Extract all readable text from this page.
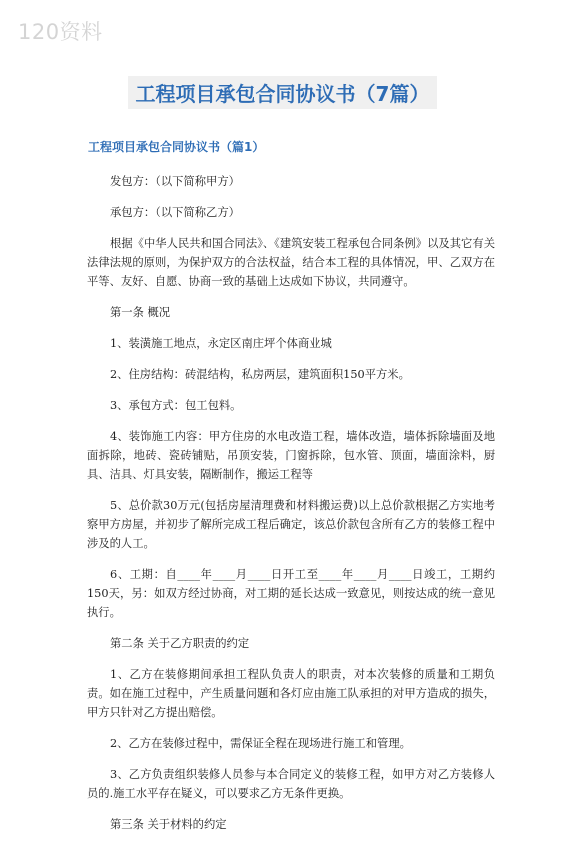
120资料
工程项目承包合同协议书（7篇）
工程项目承包合同协议书（篇1）

发包方：（以下简称甲方）

承包方：（以下简称乙方）

根据《中华人民共和国合同法》、《建筑安装工程承包合同条例》以及其它有关法律法规的原则，为保护双方的合法权益，结合本工程的具体情况，甲、乙双方在平等、友好、自愿、协商一致的基础上达成如下协议，共同遵守。

第一条 概况

1、装潢施工地点，永定区南庄坪个体商业城

2、住房结构：砖混结构，私房两层，建筑面积150平方米。

3、承包方式：包工包料。

4、装饰施工内容：甲方住房的水电改造工程，墙体改造，墙体拆除墙面及地面拆除，地砖、瓷砖铺贴，吊顶安装，门窗拆除，包水管、顶面，墙面涂料，厨具、洁具、灯具安装，隔断制作，搬运工程等

5、总价款30万元(包括房屋清理费和材料搬运费)以上总价款根据乙方实地考察甲方房屋，并初步了解所完成工程后确定，该总价款包含所有乙方的装修工程中涉及的人工。

6、工期：自____年____月____日开工至____年____月____日竣工，工期约150天，另：如双方经过协商，对工期的延长达成一致意见，则按达成的统一意见执行。

第二条 关于乙方职责的约定

1、乙方在装修期间承担工程队负责人的职责，对本次装修的质量和工期负责。如在施工过程中，产生质量问题和各灯应由施工队承担的对甲方造成的损失，甲方只针对乙方提出赔偿。

2、乙方在装修过程中，需保证全程在现场进行施工和管理。

3、乙方负责组织装修人员参与本合同定义的装修工程，如甲方对乙方装修人员的.施工水平存在疑义，可以要求乙方无条件更换。

第三条 关于材料的约定
